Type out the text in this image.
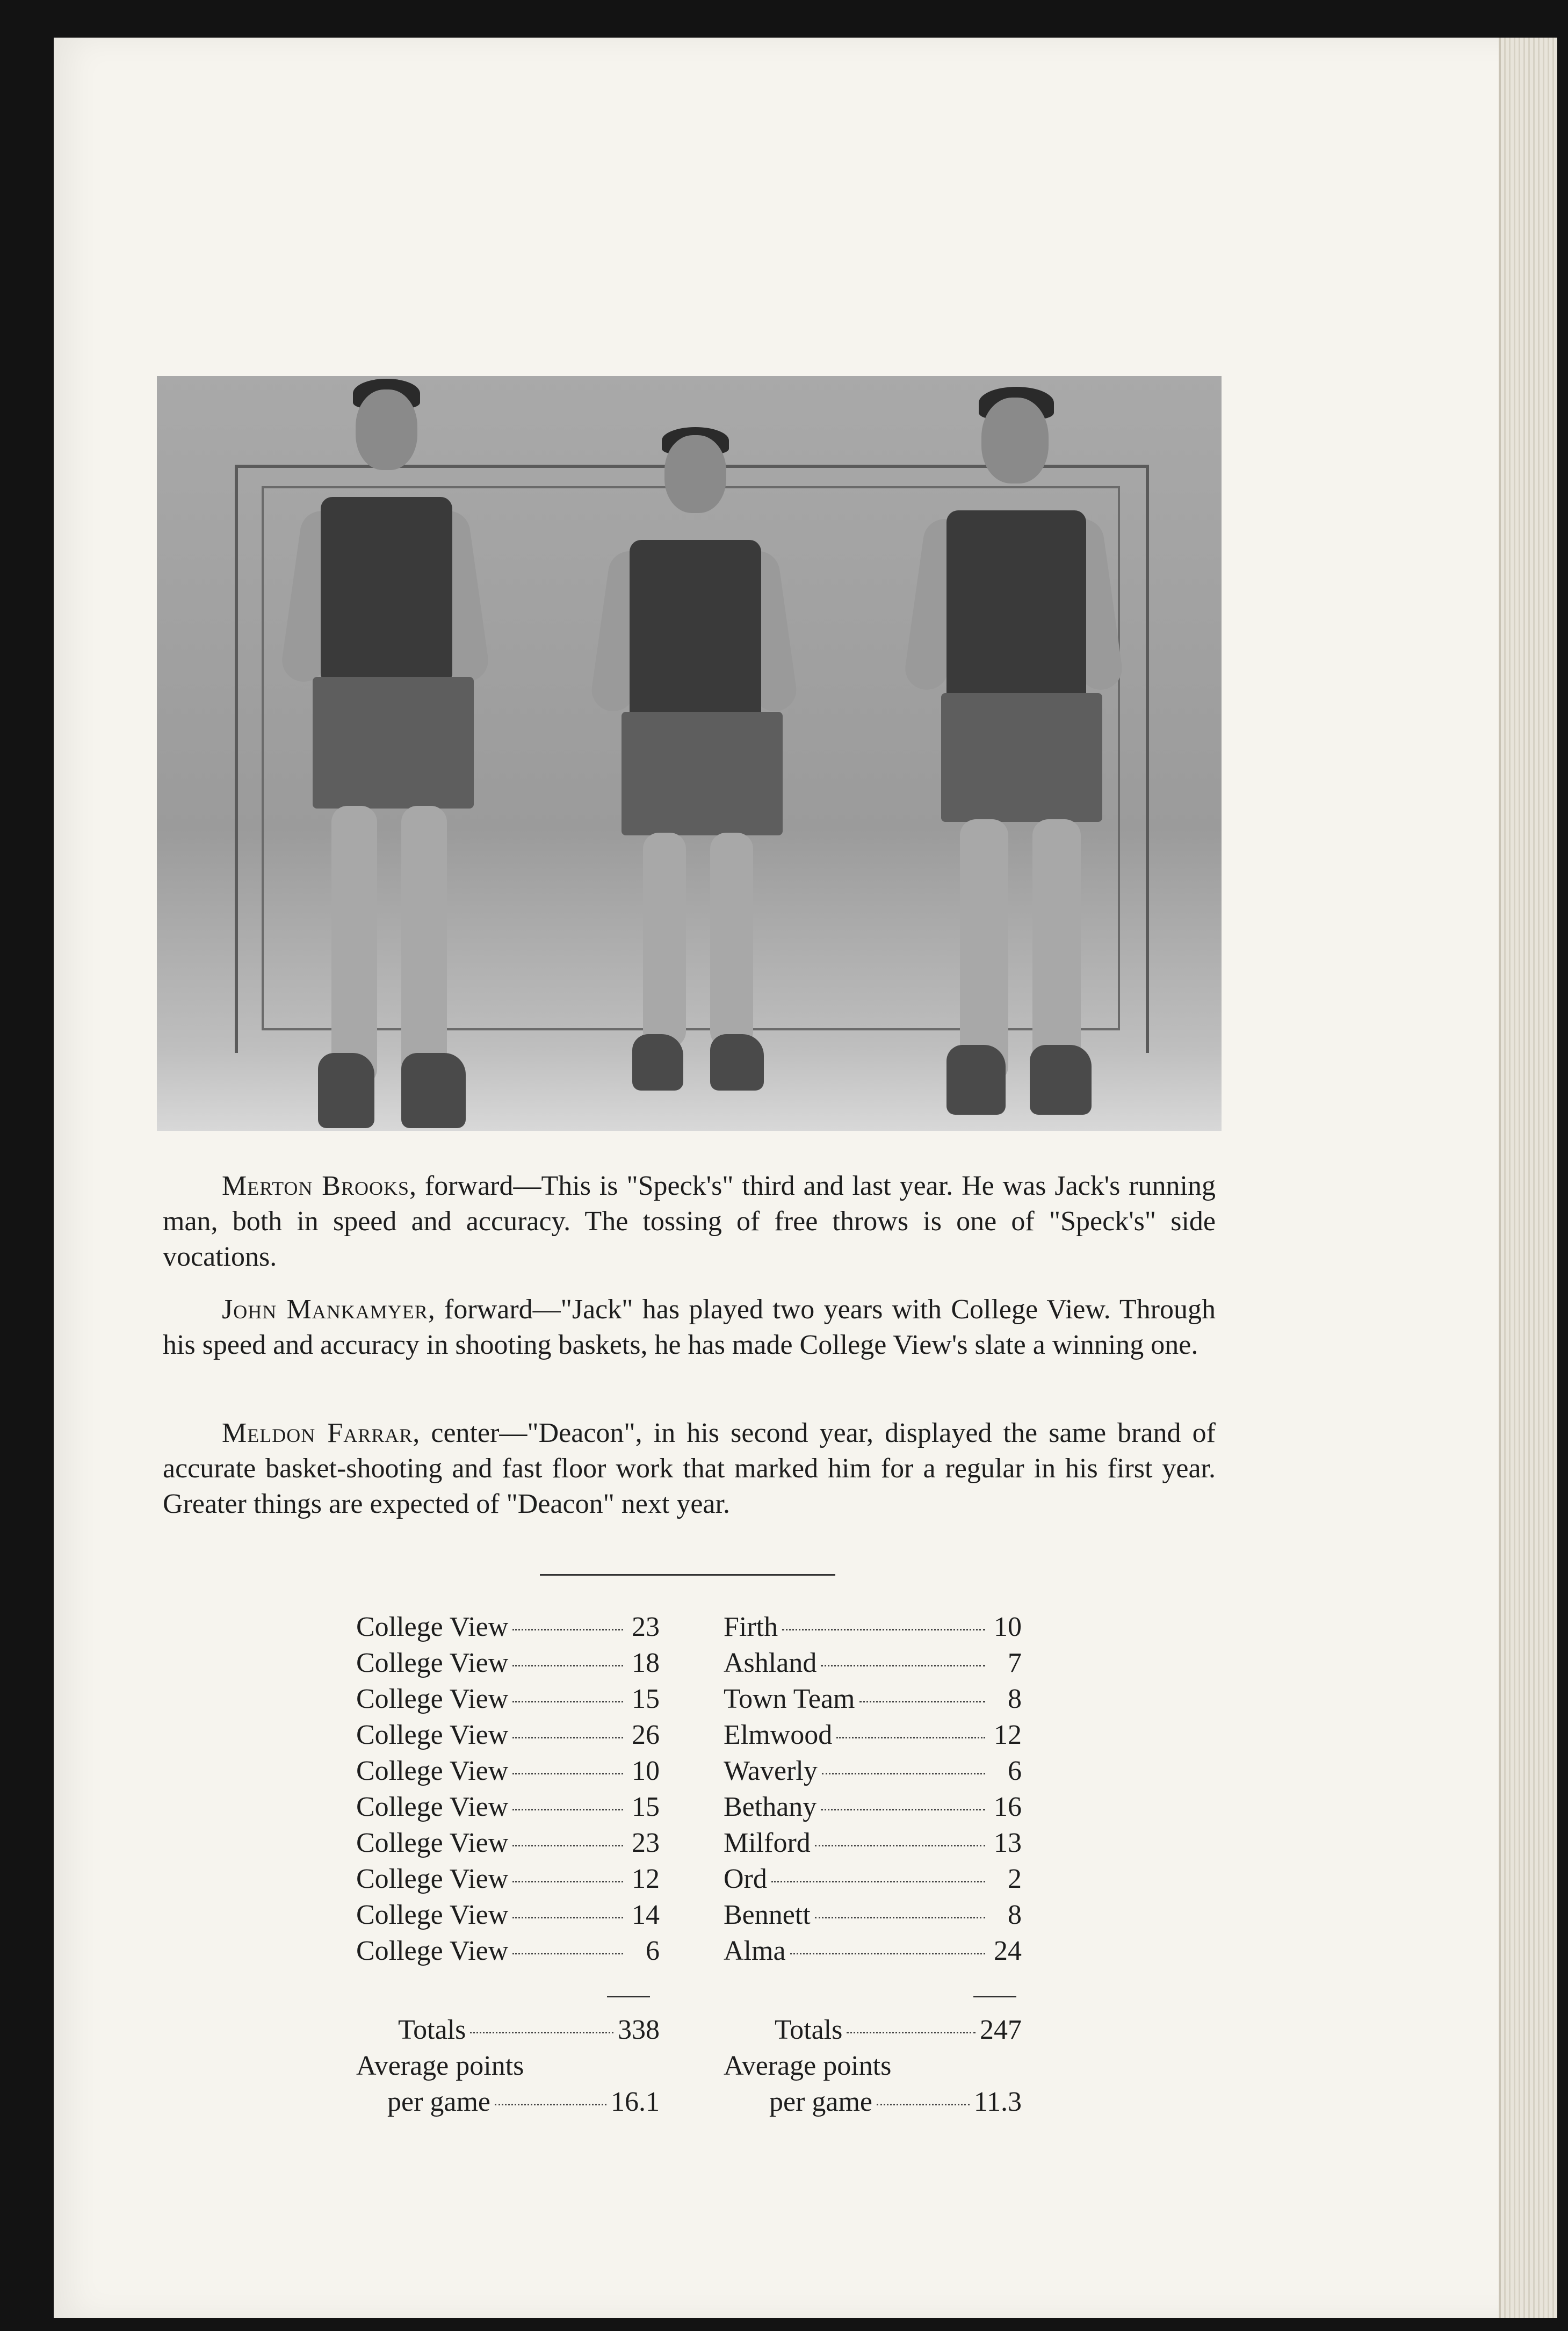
Merton Brooks, forward—This is "Speck's" third and last year. He was Jack's running man, both in speed and accuracy. The tossing of free throws is one of "Speck's" side vocations.

John Mankamyer, forward—"Jack" has played two years with College View. Through his speed and accuracy in shooting baskets, he has made College View's slate a winning one.

Meldon Farrar, center—"Deacon", in his second year, displayed the same brand of accurate basket-shooting and fast floor work that marked him for a regular in his first year. Greater things are expected of "Deacon" next year.

College View	23
College View	18
College View	15
College View	26
College View	10
College View	15
College View	23
College View	12
College View	14
College View	6
Firth	10
Ashland	7
Town Team	8
Elmwood	12
Waverly	6
Bethany	16
Milford	13
Ord	2
Bennett	8
Alma	24
Totals	338
Average points
per game	16.1
Totals	247
Average points
per game	11.3
